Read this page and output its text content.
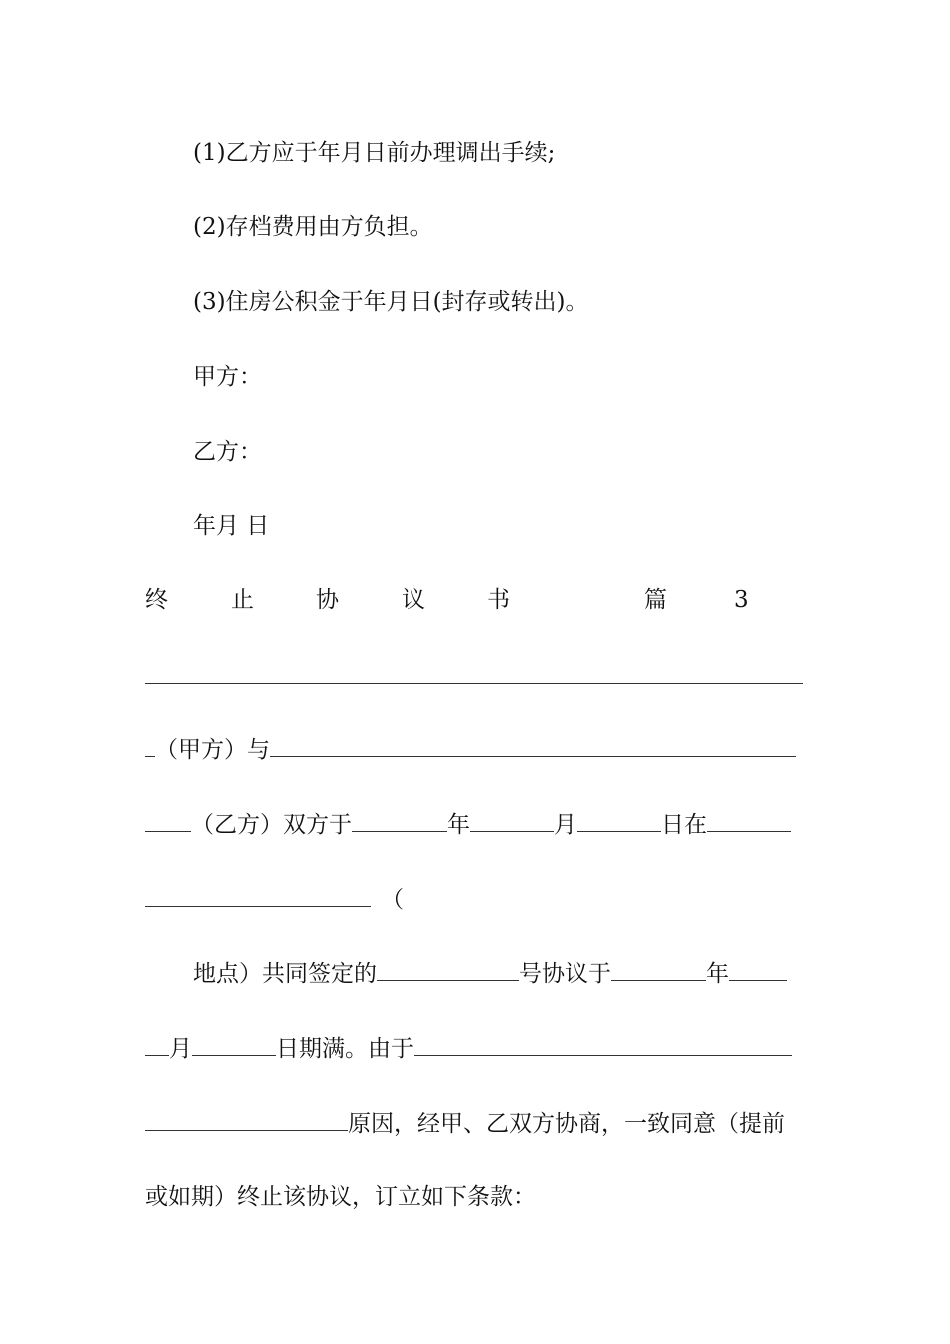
(1)乙方应于年月日前办理调出手续;
(2)存档费用由方负担。
(3)住房公积金于年月日(封存或转出)。
甲方：
乙方：
年月 日
终	止	协	议	书	篇	3
（甲方）与
（乙方）双方于	年	月	日在
（
地点）共同签定的	号协议于	年
月	日期满。由于
原因，经甲、乙双方协商，一致同意（提前
或如期）终止该协议，订立如下条款：
